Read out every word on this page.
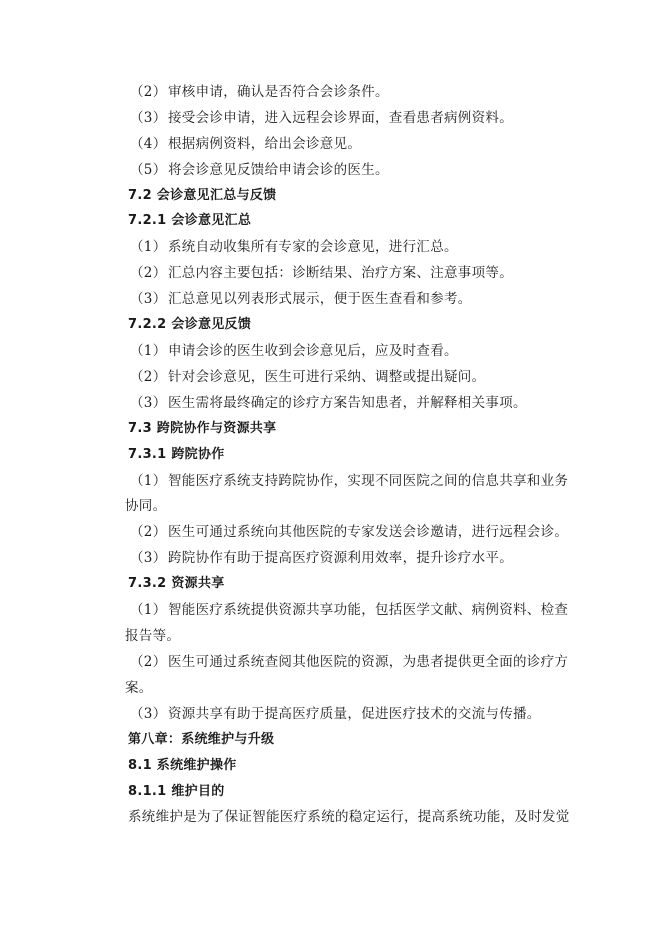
（2） 审核申请，确认是否符合会诊条件。
（3） 接受会诊申请，进入远程会诊界面，查看患者病例资料。
（4） 根据病例资料，给出会诊意见。
（5） 将会诊意见反馈给申请会诊的医生。
7.2 会诊意见汇总与反馈
7.2.1 会诊意见汇总
（1） 系统自动收集所有专家的会诊意见，进行汇总。
（2） 汇总内容主要包括：诊断结果、治疗方案、注意事项等。
（3） 汇总意见以列表形式展示，便于医生查看和参考。
7.2.2 会诊意见反馈
（1） 申请会诊的医生收到会诊意见后，应及时查看。
（2） 针对会诊意见，医生可进行采纳、调整或提出疑问。
（3） 医生需将最终确定的诊疗方案告知患者，并解释相关事项。
7.3 跨院协作与资源共享
7.3.1 跨院协作
（1） 智能医疗系统支持跨院协作，实现不同医院之间的信息共享和业务
协同。
（2） 医生可通过系统向其他医院的专家发送会诊邀请，进行远程会诊。
（3） 跨院协作有助于提高医疗资源利用效率，提升诊疗水平。
7.3.2 资源共享
（1） 智能医疗系统提供资源共享功能，包括医学文献、病例资料、检查
报告等。
（2） 医生可通过系统查阅其他医院的资源，为患者提供更全面的诊疗方
案。
（3） 资源共享有助于提高医疗质量，促进医疗技术的交流与传播。
第八章：系统维护与升级
8.1 系统维护操作
8.1.1 维护目的
系统维护是为了保证智能医疗系统的稳定运行，提高系统功能，及时发觉
